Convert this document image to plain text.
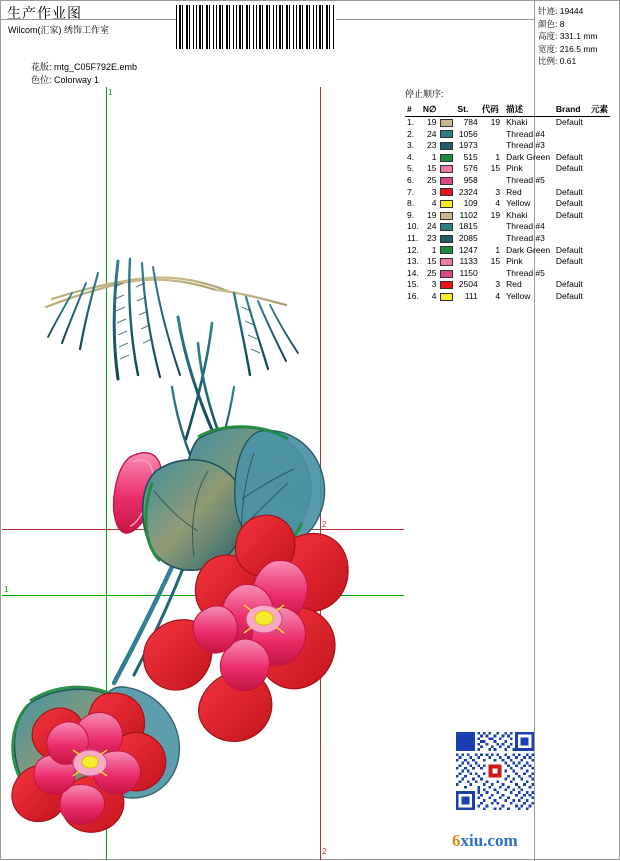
生产作业图
Wilcom(汇家) 绣饰工作室
花版: mtg_C05F792E.emb
色位: Colorway 1
针迹: 19444
颜色: 8
高度: 331.1 mm
宽度: 216.5 mm
比例: 0.61
停止顺序:
#	N∅		St.	代码	描述	Brand	元素
1.	19		784	19	Khaki	Default	
2.	24		1056		Thread #4		
3.	23		1973		Thread #3		
4.	1		515	1	Dark Green	Default	
5.	15		576	15	Pink	Default	
6.	25		958		Thread #5		
7.	3		2324	3	Red	Default	
8.	4		109	4	Yellow	Default	
9.	19		1102	19	Khaki	Default	
10.	24		1815		Thread #4		
11.	23		2085		Thread #3		
12.	1		1247	1	Dark Green	Default	
13.	15		1133	15	Pink	Default	
14.	25		1150		Thread #5		
15.	3		2504	3	Red	Default	
16.	4		111	4	Yellow	Default	
1
1
2
2
6xiu.com
